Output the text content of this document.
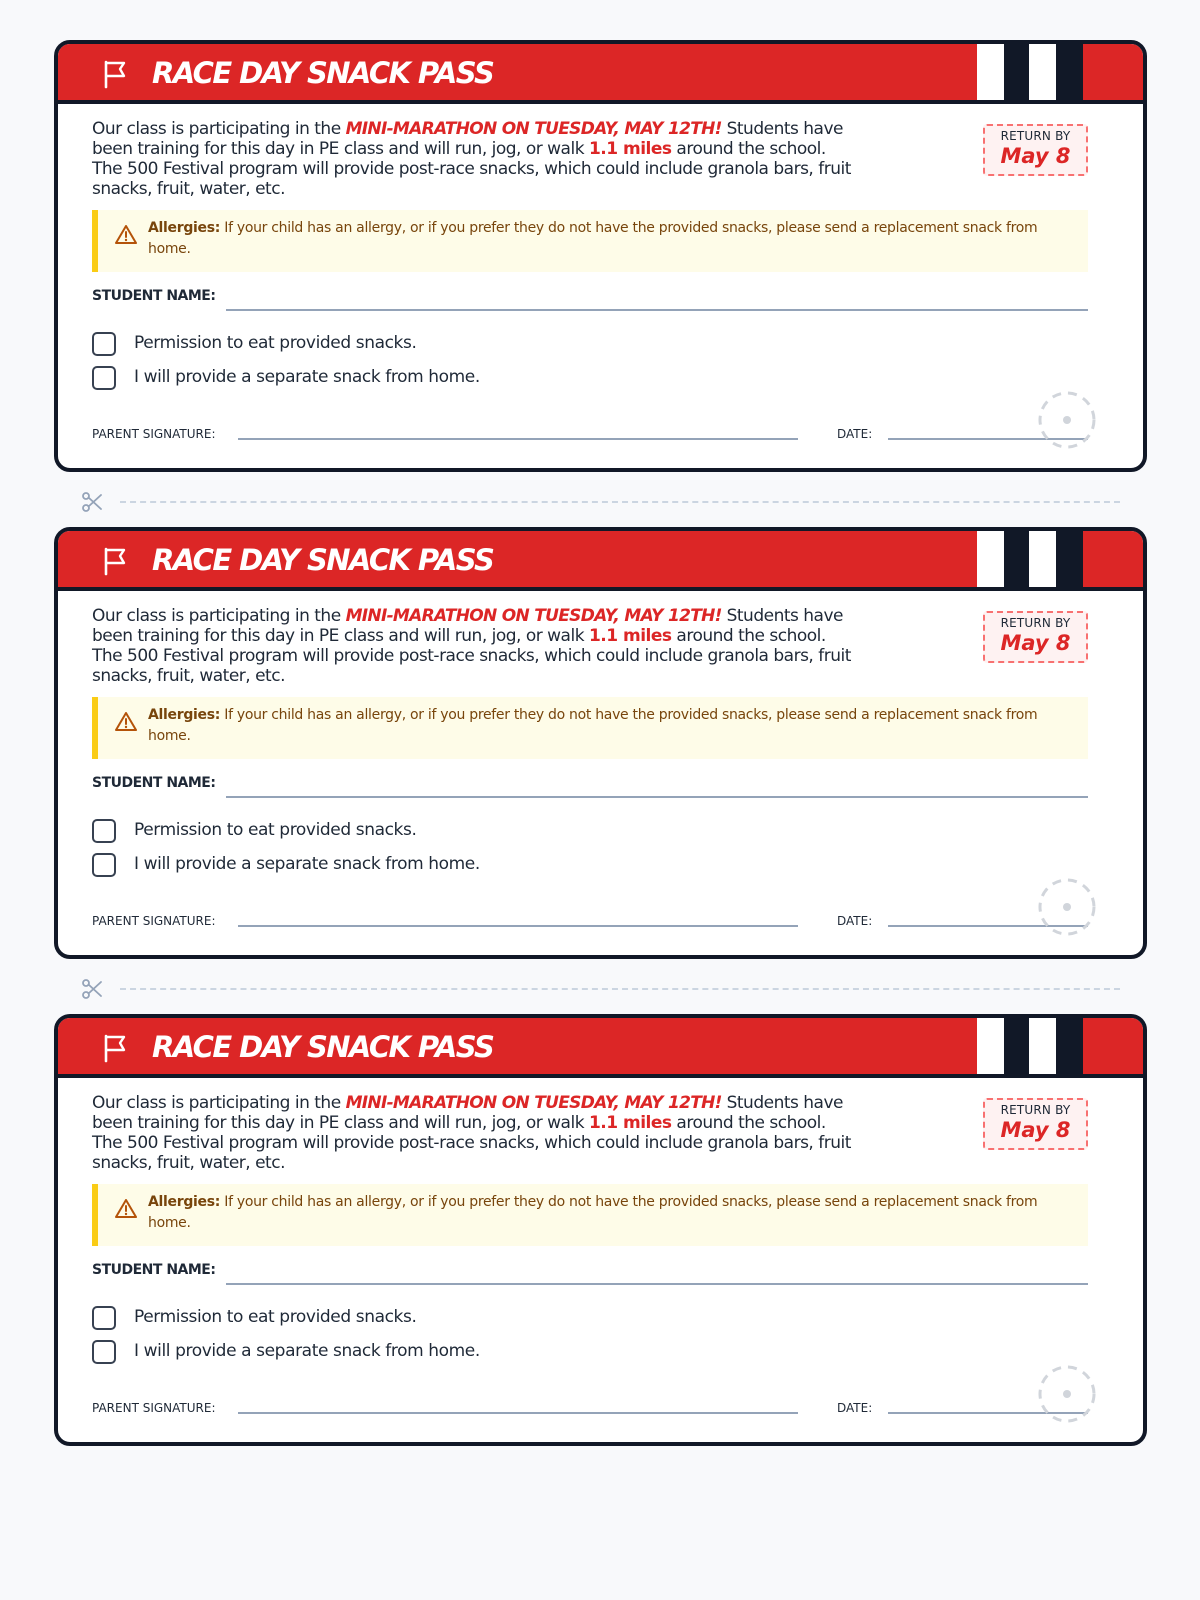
RACE DAY SNACK PASS
Our class is participating in the MINI-MARATHON ON TUESDAY, MAY 12TH! Students have been training for this day in PE class and will run, jog, or walk 1.1 miles around the school. The 500 Festival program will provide post-race snacks, which could include granola bars, fruit snacks, fruit, water, etc.
RETURN BY
May 8
Allergies: If your child has an allergy, or if you prefer they do not have the provided snacks, please send a replacement snack from home.
STUDENT NAME:
Permission to eat provided snacks.
I will provide a separate snack from home.
PARENT SIGNATURE:	DATE:
RACE DAY SNACK PASS
Our class is participating in the MINI-MARATHON ON TUESDAY, MAY 12TH! Students have been training for this day in PE class and will run, jog, or walk 1.1 miles around the school. The 500 Festival program will provide post-race snacks, which could include granola bars, fruit snacks, fruit, water, etc.
RETURN BY
May 8
Allergies: If your child has an allergy, or if you prefer they do not have the provided snacks, please send a replacement snack from home.
STUDENT NAME:
Permission to eat provided snacks.
I will provide a separate snack from home.
PARENT SIGNATURE:	DATE:
RACE DAY SNACK PASS
Our class is participating in the MINI-MARATHON ON TUESDAY, MAY 12TH! Students have been training for this day in PE class and will run, jog, or walk 1.1 miles around the school. The 500 Festival program will provide post-race snacks, which could include granola bars, fruit snacks, fruit, water, etc.
RETURN BY
May 8
Allergies: If your child has an allergy, or if you prefer they do not have the provided snacks, please send a replacement snack from home.
STUDENT NAME:
Permission to eat provided snacks.
I will provide a separate snack from home.
PARENT SIGNATURE:	DATE:
